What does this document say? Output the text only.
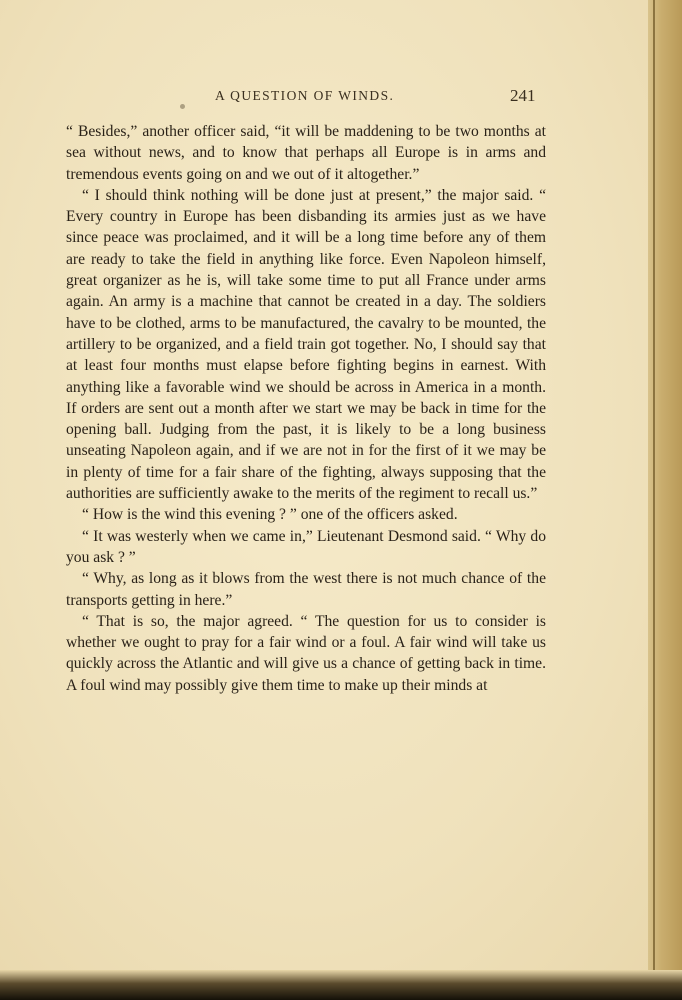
A QUESTION OF WINDS.	241

“ Besides,” another officer said, “it will be maddening to be two months at sea without news, and to know that perhaps all Europe is in arms and tremendous events going on and we out of it altogether.”

“ I should think nothing will be done just at present,” the major said. “ Every country in Europe has been disbanding its armies just as we have since peace was proclaimed, and it will be a long time before any of them are ready to take the field in anything like force. Even Napoleon himself, great organizer as he is, will take some time to put all France under arms again. An army is a machine that cannot be created in a day. The soldiers have to be clothed, arms to be manufactured, the cavalry to be mounted, the artillery to be organized, and a field train got together. No, I should say that at least four months must elapse before fighting begins in earnest. With anything like a favorable wind we should be across in America in a month. If orders are sent out a month after we start we may be back in time for the opening ball. Judging from the past, it is likely to be a long business unseating Napoleon again, and if we are not in for the first of it we may be in plenty of time for a fair share of the fighting, always supposing that the authorities are sufficiently awake to the merits of the regiment to recall us.”

“ How is the wind this evening ? ” one of the officers asked.

“ It was westerly when we came in,” Lieutenant Desmond said. “ Why do you ask ? ”

“ Why, as long as it blows from the west there is not much chance of the transports getting in here.”

“ That is so, the major agreed. “ The question for us to consider is whether we ought to pray for a fair wind or a foul. A fair wind will take us quickly across the Atlantic and will give us a chance of getting back in time. A foul wind may possibly give them time to make up their minds at
